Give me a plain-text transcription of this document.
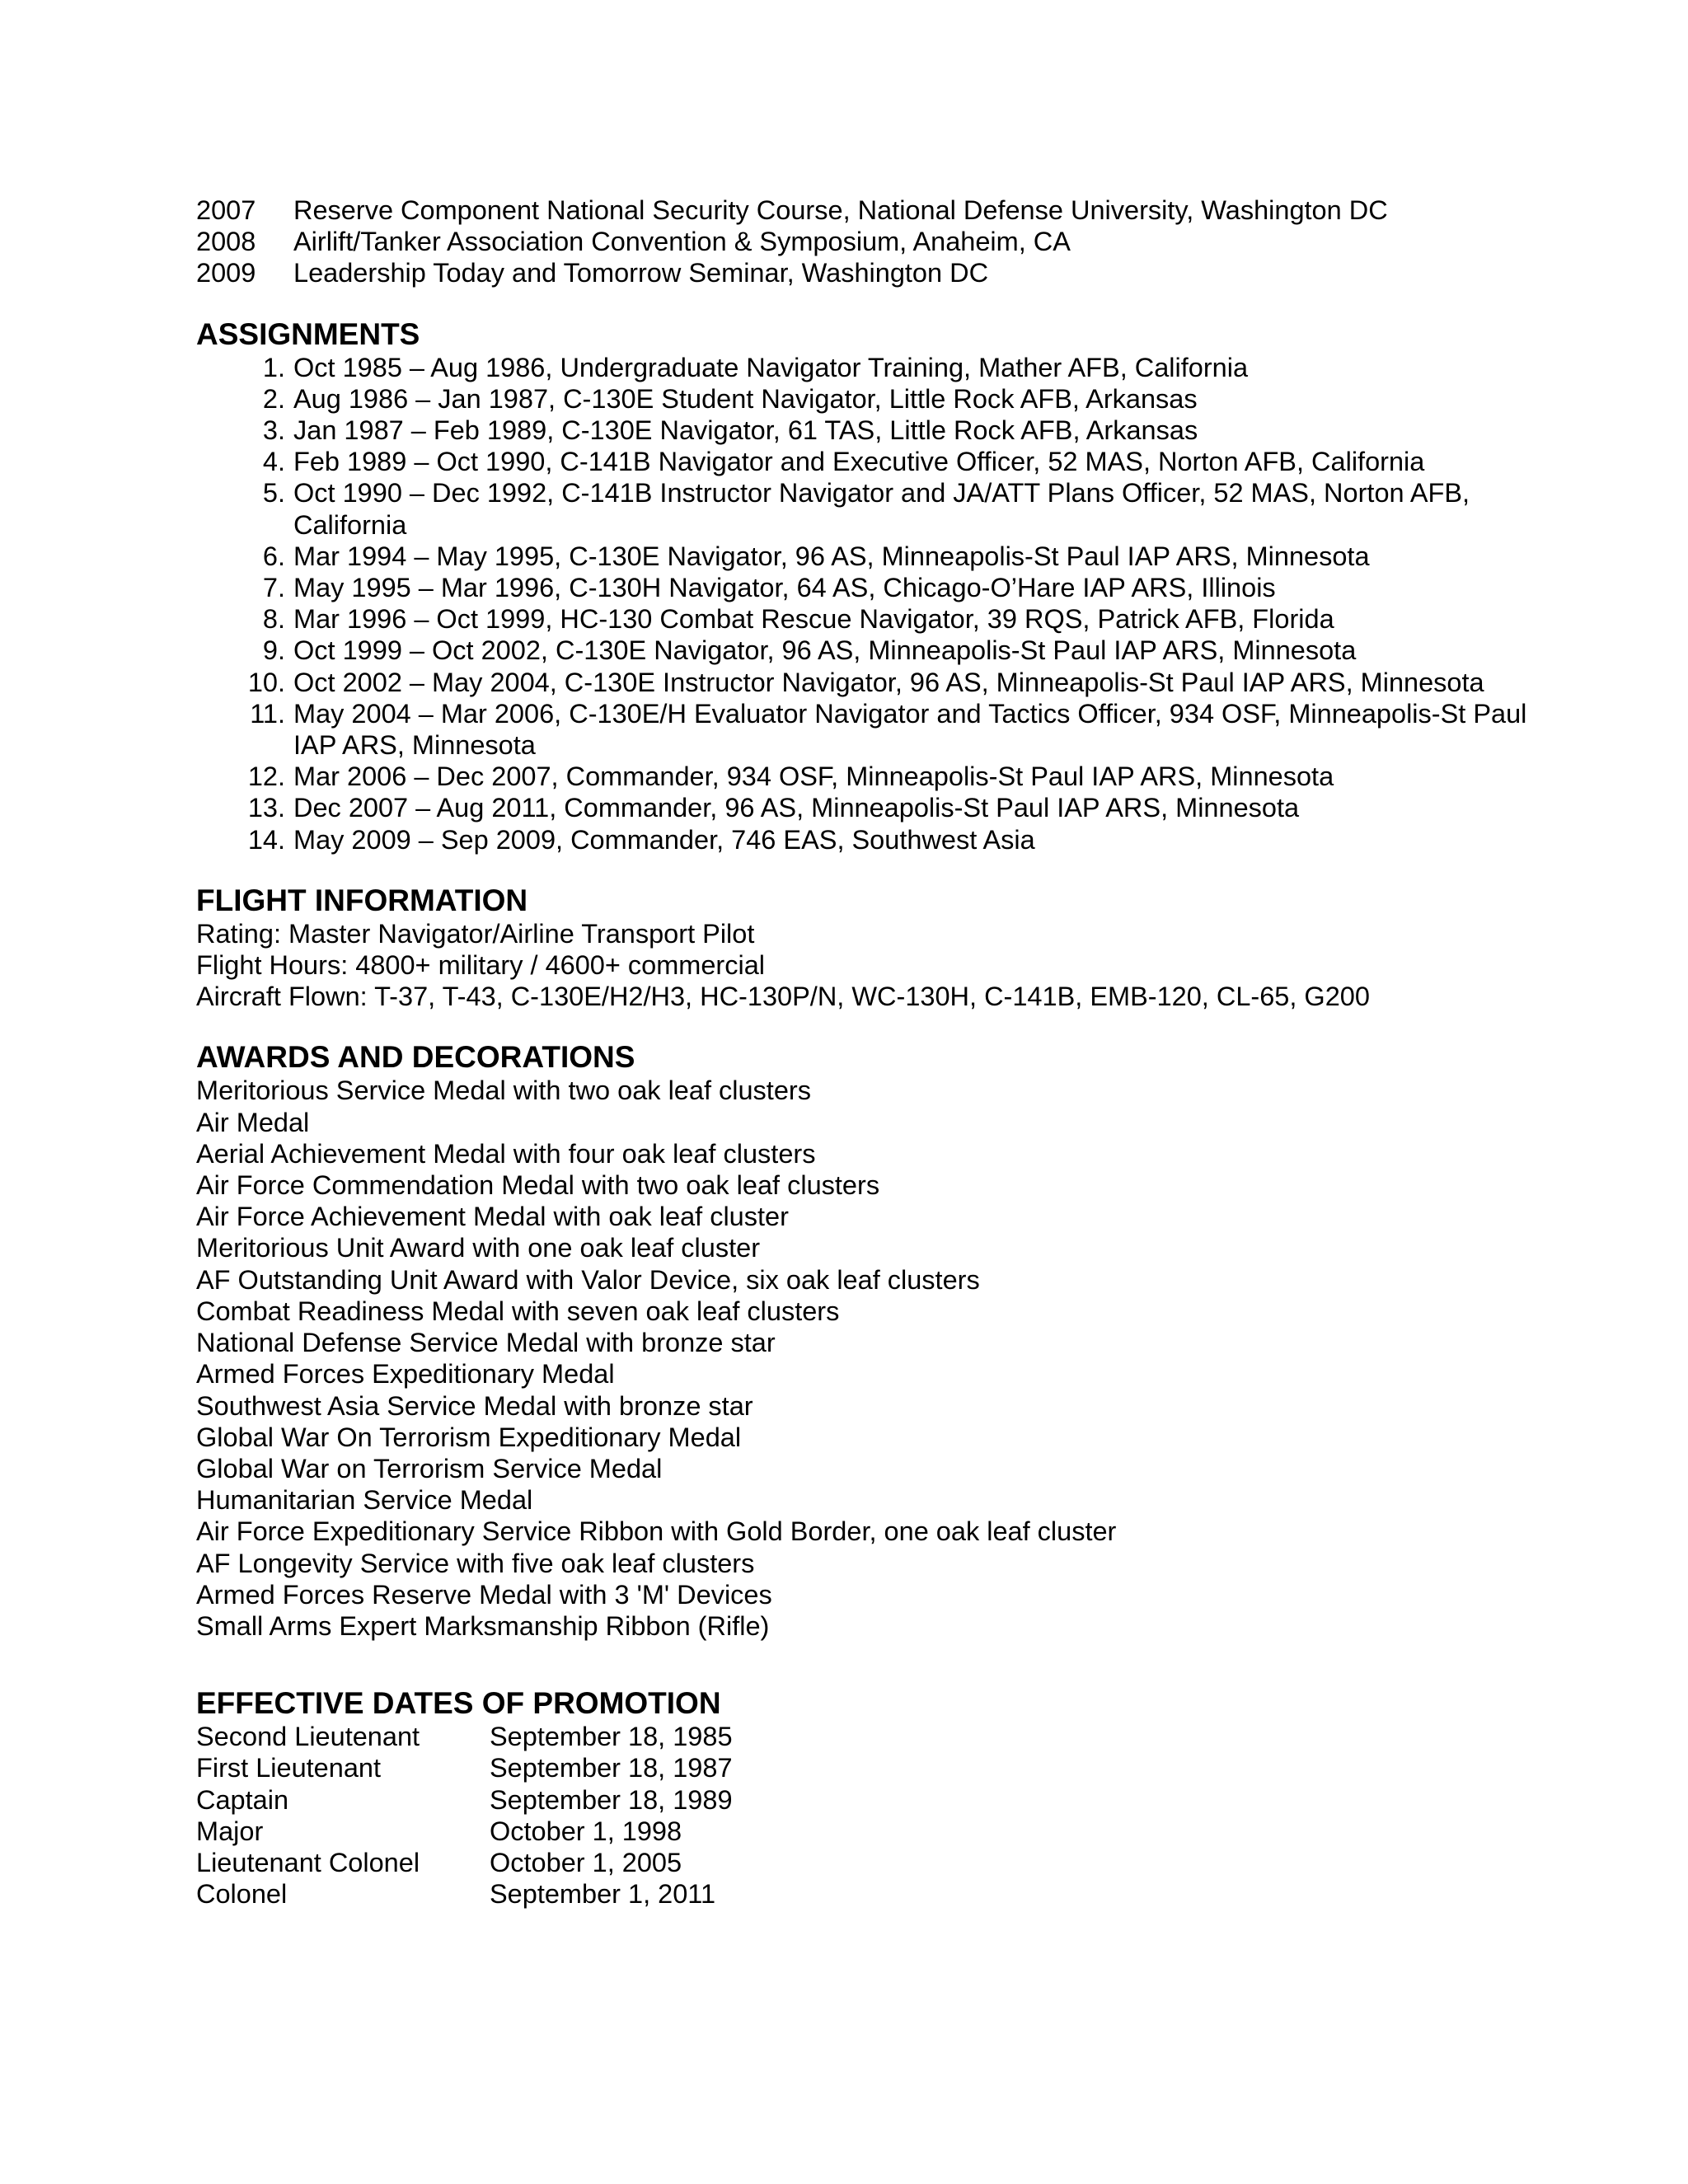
2007 Reserve Component National Security Course, National Defense University, Washington DC
2008 Airlift/Tanker Association Convention & Symposium, Anaheim, CA
2009 Leadership Today and Tomorrow Seminar, Washington DC
ASSIGNMENTS
1. Oct 1985 – Aug 1986, Undergraduate Navigator Training, Mather AFB, California
2. Aug 1986 – Jan 1987, C-130E Student Navigator, Little Rock AFB, Arkansas
3. Jan 1987 – Feb 1989, C-130E Navigator, 61 TAS, Little Rock AFB, Arkansas
4. Feb 1989 – Oct 1990, C-141B Navigator and Executive Officer, 52 MAS, Norton AFB, California
5. Oct 1990 – Dec 1992, C-141B Instructor Navigator and JA/ATT Plans Officer, 52 MAS, Norton AFB, California
6. Mar 1994 – May 1995, C-130E Navigator, 96 AS, Minneapolis-St Paul IAP ARS, Minnesota
7. May 1995 – Mar 1996, C-130H Navigator, 64 AS, Chicago-O’Hare IAP ARS, Illinois
8. Mar 1996 – Oct 1999, HC-130 Combat Rescue Navigator, 39 RQS, Patrick AFB, Florida
9. Oct 1999 – Oct 2002, C-130E Navigator, 96 AS, Minneapolis-St Paul IAP ARS, Minnesota
10. Oct 2002 – May 2004, C-130E Instructor Navigator, 96 AS, Minneapolis-St Paul IAP ARS, Minnesota
11. May 2004 – Mar 2006, C-130E/H Evaluator Navigator and Tactics Officer, 934 OSF, Minneapolis-St Paul IAP ARS, Minnesota
12. Mar 2006 – Dec 2007, Commander, 934 OSF, Minneapolis-St Paul IAP ARS, Minnesota
13. Dec 2007 – Aug 2011, Commander, 96 AS, Minneapolis-St Paul IAP ARS, Minnesota
14. May 2009 – Sep 2009, Commander, 746 EAS, Southwest Asia
FLIGHT INFORMATION
Rating: Master Navigator/Airline Transport Pilot
Flight Hours: 4800+ military / 4600+ commercial
Aircraft Flown: T-37, T-43, C-130E/H2/H3, HC-130P/N, WC-130H, C-141B, EMB-120, CL-65, G200
AWARDS AND DECORATIONS
Meritorious Service Medal with two oak leaf clusters
Air Medal
Aerial Achievement Medal with four oak leaf clusters
Air Force Commendation Medal with two oak leaf clusters
Air Force Achievement Medal with oak leaf cluster
Meritorious Unit Award with one oak leaf cluster
AF Outstanding Unit Award with Valor Device, six oak leaf clusters
Combat Readiness Medal with seven oak leaf clusters
National Defense Service Medal with bronze star
Armed Forces Expeditionary Medal
Southwest Asia Service Medal with bronze star
Global War On Terrorism Expeditionary Medal
Global War on Terrorism Service Medal
Humanitarian Service Medal
Air Force Expeditionary Service Ribbon with Gold Border, one oak leaf cluster
AF Longevity Service with five oak leaf clusters
Armed Forces Reserve Medal with 3 'M' Devices
Small Arms Expert Marksmanship Ribbon (Rifle)
EFFECTIVE DATES OF PROMOTION
Second Lieutenant	September 18, 1985
First Lieutenant	September 18, 1987
Captain	September 18, 1989
Major	October 1, 1998
Lieutenant Colonel	October 1, 2005
Colonel	September 1, 2011
